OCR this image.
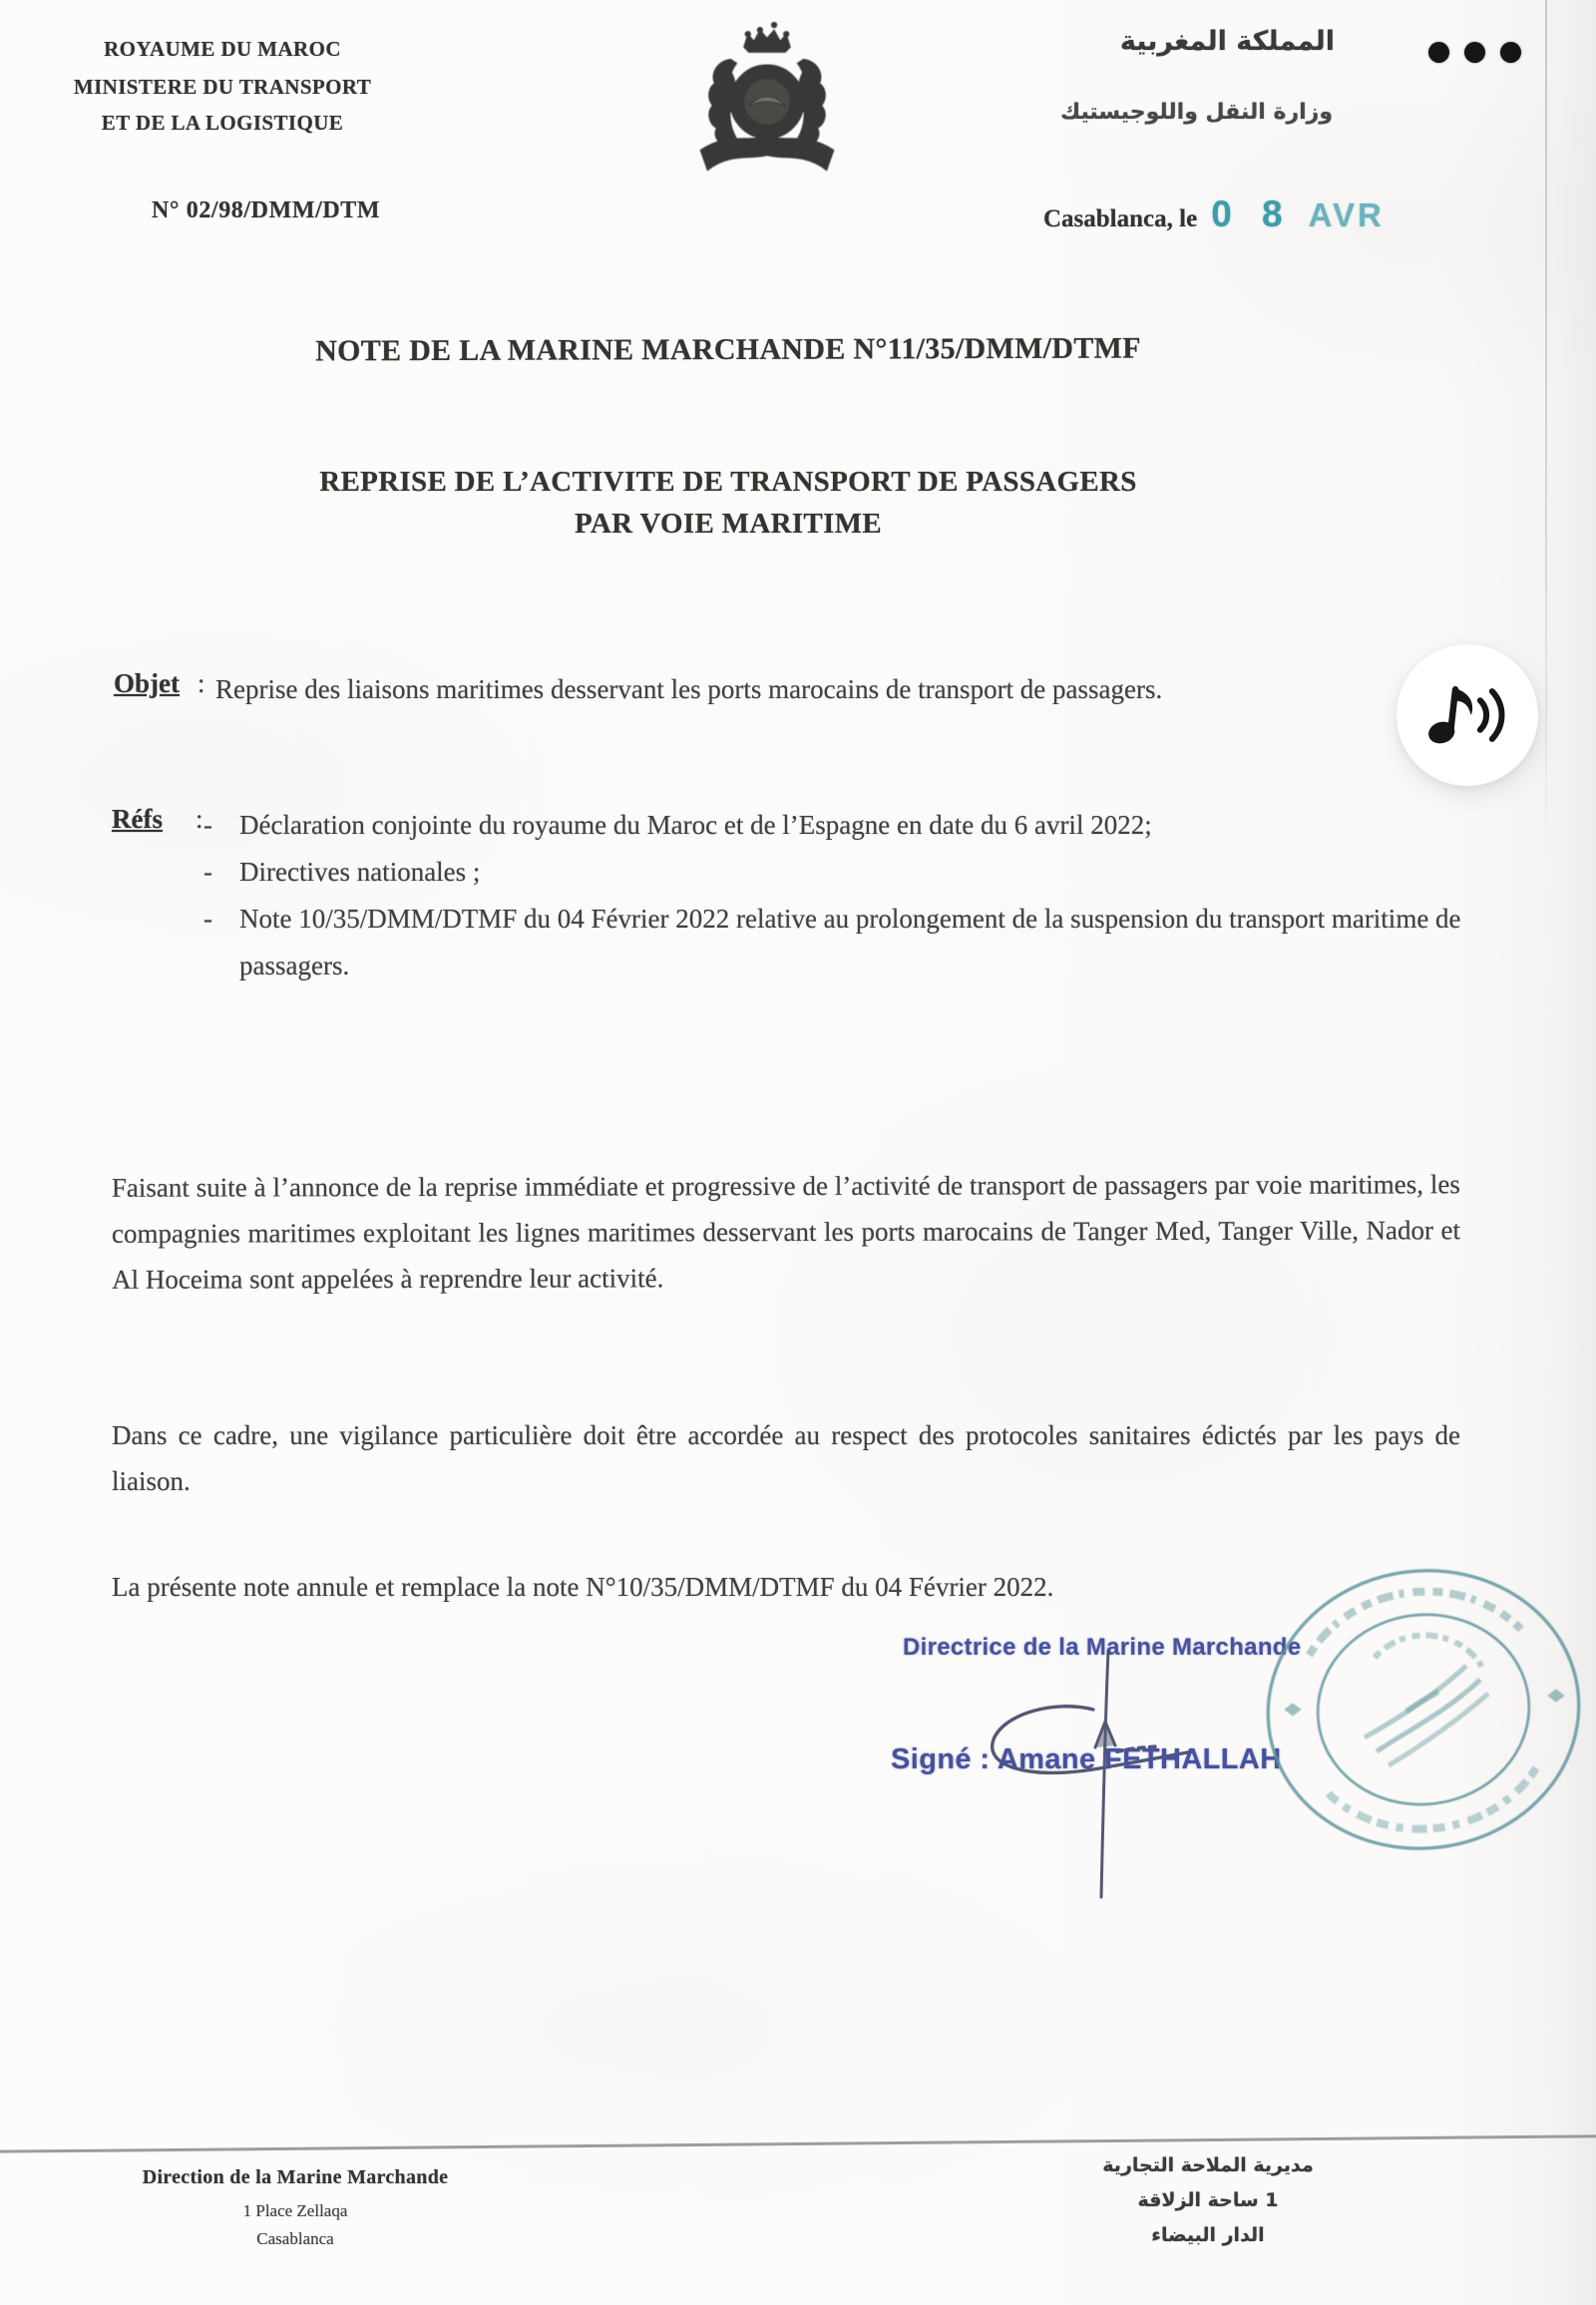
ROYAUME DU MAROC
MINISTERE DU TRANSPORT
ET DE LA LOGISTIQUE
N° 02/98/DMM/DTM
المملكة المغربية
وزارة النقل واللوجيستيك
Casablanca, le 0 8 AVR
NOTE DE LA MARINE MARCHANDE N°11/35/DMM/DTMF
REPRISE DE L’ACTIVITE DE TRANSPORT DE PASSAGERS
PAR VOIE MARITIME
Objet : Reprise des liaisons maritimes desservant les ports marocains de transport de passagers.
Réfs : -	Déclaration conjointe du royaume du Maroc et de l’Espagne en date du 6 avril 2022;
-	Directives nationales ;
-	Note 10/35/DMM/DTMF du 04 Février 2022 relative au prolongement de la suspension du transport maritime de passagers.
Faisant suite à l’annonce de la reprise immédiate et progressive de l’activité de transport de passagers par voie maritimes, les compagnies maritimes exploitant les lignes maritimes desservant les ports marocains de Tanger Med, Tanger Ville, Nador et Al Hoceima sont appelées à reprendre leur activité.
Dans ce cadre, une vigilance particulière doit être accordée au respect des protocoles sanitaires édictés par les pays de liaison.
La présente note annule et remplace la note N°10/35/DMM/DTMF du 04 Février 2022.
Directrice de la Marine Marchande
Signé : Amane FETHALLAH
Direction de la Marine Marchande
1 Place Zellaqa
Casablanca
مديرية الملاحة التجارية
1 ساحة الزلاقة
الدار البيضاء
